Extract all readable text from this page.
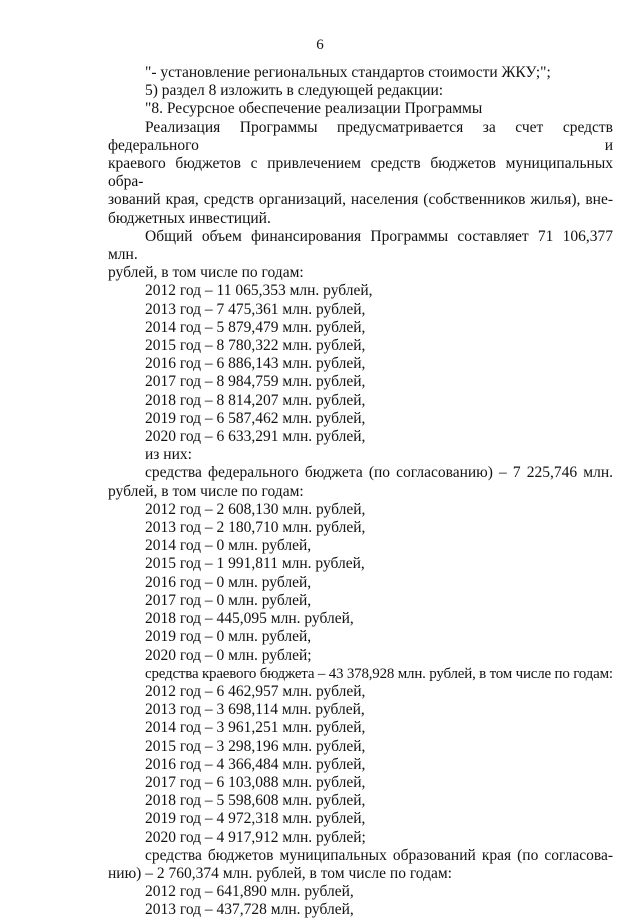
6

"- установление региональных стандартов стоимости ЖКУ;";

5) раздел 8 изложить в следующей редакции:

"8. Ресурсное обеспечение реализации Программы

Реализация Программы предусматривается за счет средств федерального и

краевого бюджетов с привлечением средств бюджетов муниципальных обра-

зований края, средств организаций, населения (собственников жилья), вне-

бюджетных инвестиций.

Общий объем финансирования Программы составляет 71 106,377 млн.

рублей, в том числе по годам:

2012 год – 11 065,353 млн. рублей,

2013 год – 7 475,361 млн. рублей,

2014 год – 5 879,479 млн. рублей,

2015 год – 8 780,322 млн. рублей,

2016 год – 6 886,143 млн. рублей,

2017 год – 8 984,759 млн. рублей,

2018 год – 8 814,207 млн. рублей,

2019 год – 6 587,462 млн. рублей,

2020 год – 6 633,291 млн. рублей,

из них:

средства федерального бюджета (по согласованию) – 7 225,746 млн.

рублей, в том числе по годам:

2012 год – 2 608,130 млн. рублей,

2013 год – 2 180,710 млн. рублей,

2014 год – 0 млн. рублей,

2015 год – 1 991,811 млн. рублей,

2016 год – 0 млн. рублей,

2017 год – 0 млн. рублей,

2018 год – 445,095 млн. рублей,

2019 год – 0 млн. рублей,

2020 год – 0 млн. рублей;

средства краевого бюджета – 43 378,928 млн. рублей, в том числе по годам:

2012 год – 6 462,957 млн. рублей,

2013 год – 3 698,114 млн. рублей,

2014 год – 3 961,251 млн. рублей,

2015 год – 3 298,196 млн. рублей,

2016 год – 4 366,484 млн. рублей,

2017 год – 6 103,088 млн. рублей,

2018 год – 5 598,608 млн. рублей,

2019 год – 4 972,318 млн. рублей,

2020 год – 4 917,912 млн. рублей;

средства бюджетов муниципальных образований края (по согласова-

нию) – 2 760,374 млн. рублей, в том числе по годам:

2012 год – 641,890 млн. рублей,

2013 год – 437,728 млн. рублей,
